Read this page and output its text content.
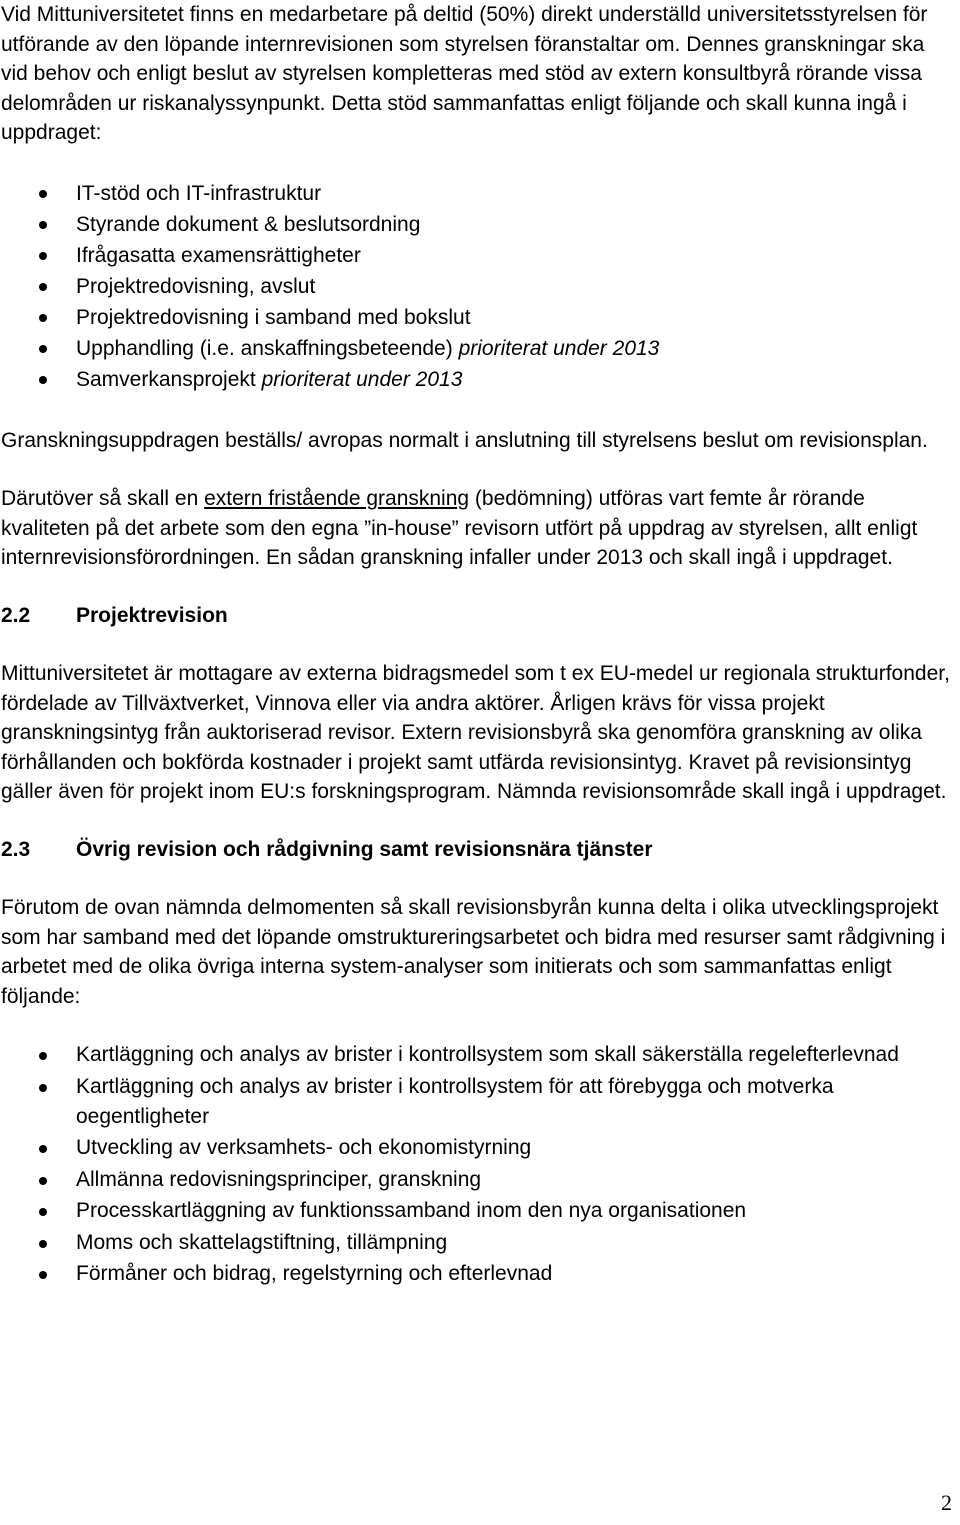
Vid Mittuniversitetet finns en medarbetare på deltid (50%) direkt underställd universitetsstyrelsen för utförande av den löpande internrevisionen som styrelsen föranstaltar om. Dennes granskningar ska vid behov och enligt beslut av styrelsen kompletteras med stöd av extern konsultbyrå rörande vissa delområden ur riskanalyssynpunkt. Detta stöd sammanfattas enligt följande och skall kunna ingå i uppdraget:

IT-stöd och IT-infrastruktur
Styrande dokument & beslutsordning
Ifrågasatta examensrättigheter
Projektredovisning, avslut
Projektredovisning i samband med bokslut
Upphandling (i.e. anskaffningsbeteende) prioriterat under 2013
Samverkansprojekt prioriterat under 2013

Granskningsuppdragen beställs/ avropas normalt i anslutning till styrelsens beslut om revisionsplan.

Därutöver så skall en extern fristående granskning (bedömning) utföras vart femte år rörande kvaliteten på det arbete som den egna ”in-house” revisorn utfört på uppdrag av styrelsen, allt enligt internrevisionsförordningen. En sådan granskning infaller under 2013 och skall ingå i uppdraget.

2.2 Projektrevision

Mittuniversitetet är mottagare av externa bidragsmedel som t ex EU-medel ur regionala strukturfonder, fördelade av Tillväxtverket, Vinnova eller via andra aktörer. Årligen krävs för vissa projekt granskningsintyg från auktoriserad revisor. Extern revisionsbyrå ska genomföra granskning av olika förhållanden och bokförda kostnader i projekt samt utfärda revisionsintyg. Kravet på revisionsintyg gäller även för projekt inom EU:s forskningsprogram. Nämnda revisionsområde skall ingå i uppdraget.

2.3 Övrig revision och rådgivning samt revisionsnära tjänster

Förutom de ovan nämnda delmomenten så skall revisionsbyrån kunna delta i olika utvecklingsprojekt som har samband med det löpande omstruktureringsarbetet och bidra med resurser samt rådgivning i arbetet med de olika övriga interna system-analyser som initierats och som sammanfattas enligt följande:

Kartläggning och analys av brister i kontrollsystem som skall säkerställa regelefterlevnad
Kartläggning och analys av brister i kontrollsystem för att förebygga och motverka oegentligheter
Utveckling av verksamhets- och ekonomistyrning
Allmänna redovisningsprinciper, granskning
Processkartläggning av funktionssamband inom den nya organisationen
Moms och skattelagstiftning, tillämpning
Förmåner och bidrag, regelstyrning och efterlevnad
2
